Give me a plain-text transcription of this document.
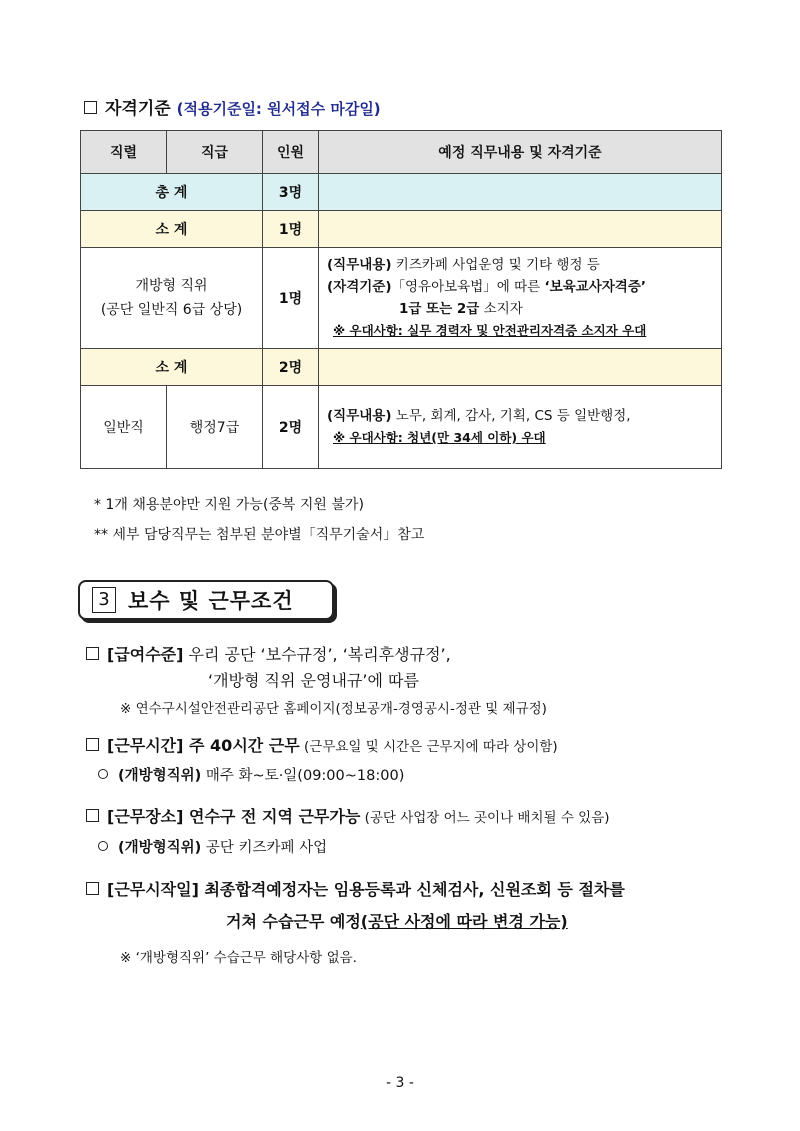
자격기준 (적용기준일: 원서접수 마감일)
직렬	직급	인원	예정 직무내용 및 자격기준
총 계		3명	
소 계		1명	
개방형 직위
(공단 일반직 6급 상당)		1명	(직무내용) 키즈카페 사업운영 및 기타 행정 등
(자격기준)「영유아보육법」에 따른 ‘보육교사자격증’

1급 또는 2급 소지자
※ 우대사항: 실무 경력자 및 안전관리자격증 소지자 우대
소 계		2명	
일반직	행정7급	2명	(직무내용) 노무, 회계, 감사, 기획, CS 등 일반행정,
※ 우대사항: 청년(만 34세 이하) 우대
* 1개 채용분야만 지원 가능(중복 지원 불가)
** 세부 담당직무는 첨부된 분야별「직무기술서」참고
3 보수 및 근무조건
[급여수준] 우리 공단 ‘보수규정’, ‘복리후생규정’,
‘개방형 직위 운영내규’에 따름
※ 연수구시설안전관리공단 홈페이지(정보공개-경영공시-정관 및 제규정)
[근무시간] 주 40시간 근무 (근무요일 및 시간은 근무지에 따라 상이함)
(개방형직위) 매주 화~토·일(09:00~18:00)
[근무장소] 연수구 전 지역 근무가능 (공단 사업장 어느 곳이나 배치될 수 있음)
(개방형직위) 공단 키즈카페 사업
[근무시작일] 최종합격예정자는 임용등록과 신체검사, 신원조회 등 절차를
거쳐 수습근무 예정(공단 사정에 따라 변경 가능)
※ ‘개방형직위’ 수습근무 해당사항 없음.
- 3 -
